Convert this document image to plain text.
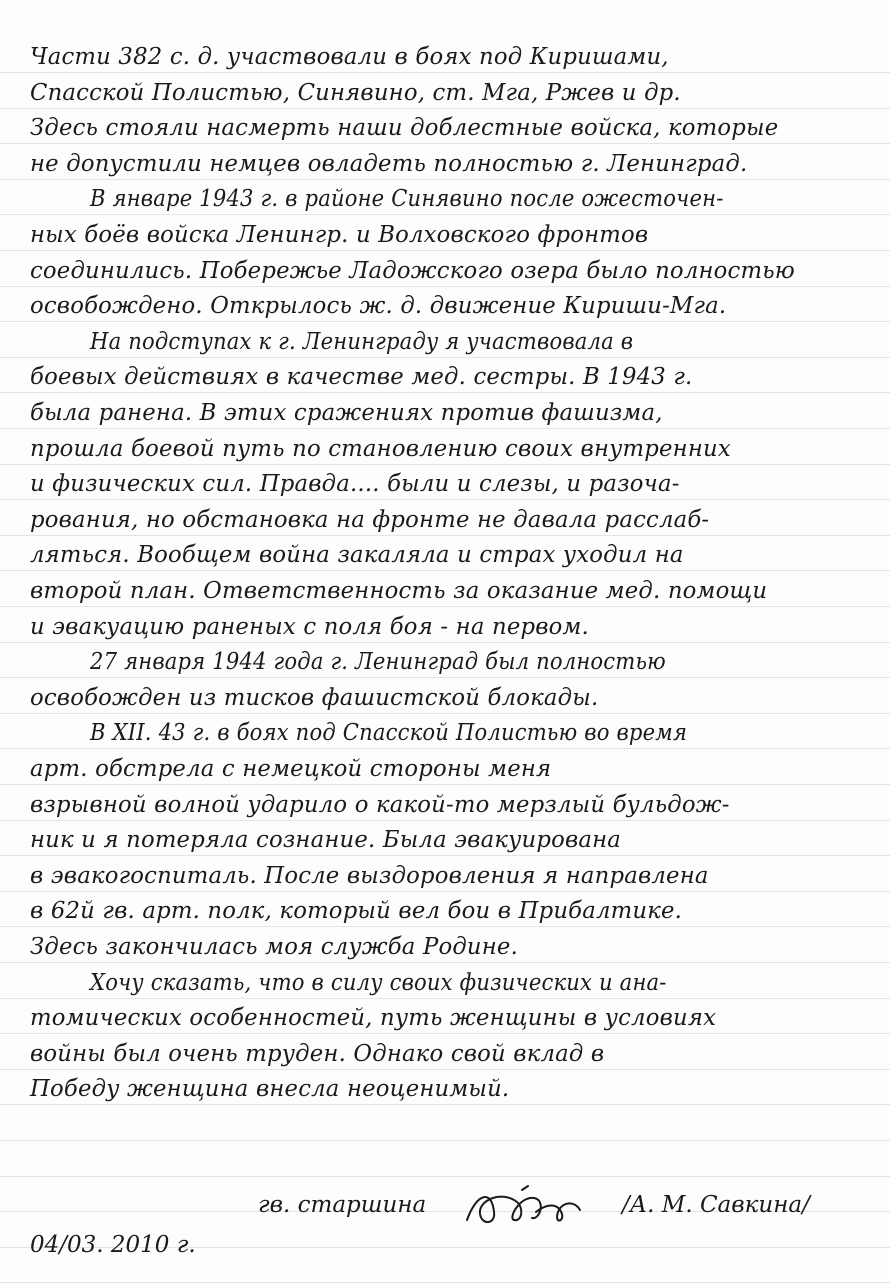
Части 382 с. д. участвовали в боях под Киришами,
Спасской Полистью, Синявино, ст. Мга, Ржев и др.
Здесь стояли насмерть наши доблестные войска, которые
не допустили немцев овладеть полностью г. Ленинград.
В январе 1943 г. в районе Синявино после ожесточен-
ных боёв войска Ленингр. и Волховского фронтов
соединились. Побережье Ладожского озера было полностью
освобождено. Открылось ж. д. движение Кириши-Мга.
На подступах к г. Ленинграду я участвовала в
боевых действиях в качестве мед. сестры. В 1943 г.
была ранена. В этих сражениях против фашизма,
прошла боевой путь по становлению своих внутренних
и физических сил. Правда.... были и слезы, и разоча-
рования, но обстановка на фронте не давала расслаб-
ляться. Вообщем война закаляла и страх уходил на
второй план. Ответственность за оказание мед. помощи
и эвакуацию раненых с поля боя - на первом.
27 января 1944 года г. Ленинград был полностью
освобожден из тисков фашистской блокады.
В XII. 43 г. в боях под Спасской Полистью во время
арт. обстрела с немецкой стороны меня
взрывной волной ударило о какой-то мерзлый бульдож-
ник и я потеряла сознание. Была эвакуирована
в эвакогоспиталь. После выздоровления я направлена
в 62й гв. арт. полк, который вел бои в Прибалтике.
Здесь закончилась моя служба Родине.
Хочу сказать, что в силу своих физических и ана-
томических особенностей, путь женщины в условиях
войны был очень труден. Однако свой вклад в
Победу женщина внесла неоценимый.
гв. старшина	/А. М. Савкина/
04/03. 2010 г.
